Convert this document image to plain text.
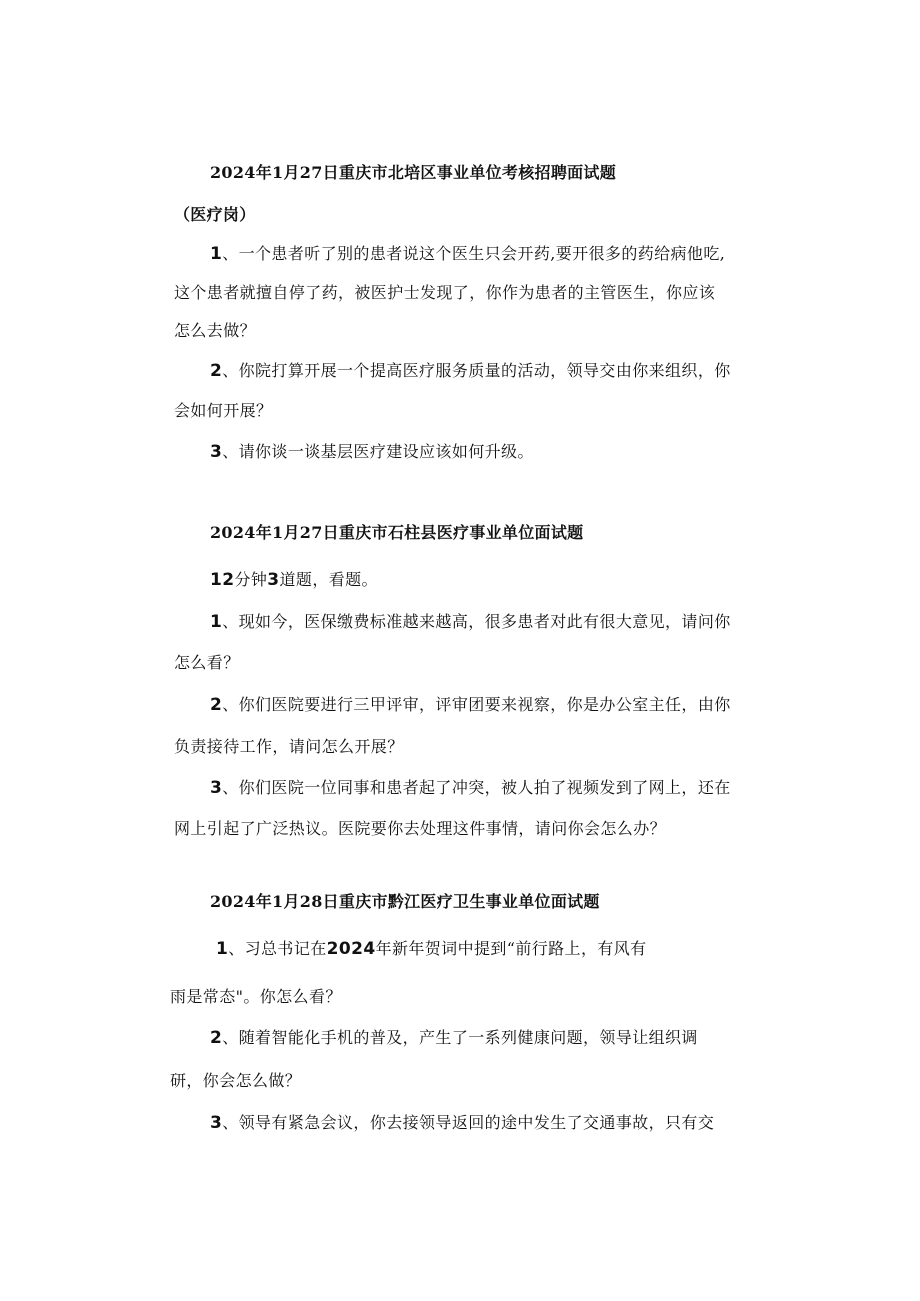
2024年1月27日重庆市北培区事业单位考核招聘面试题
（医疗岗）
1、一个患者听了别的患者说这个医生只会开药,要开很多的药给病他吃,
这个患者就擅自停了药，被医护士发现了，你作为患者的主管医生，你应该
怎么去做？
2、你院打算开展一个提高医疗服务质量的活动，领导交由你来组织，你
会如何开展？
3、请你谈一谈基层医疗建设应该如何升级。
2024年1月27日重庆市石柱县医疗事业单位面试题
12分钟3道题，看题。
1、现如今，医保缴费标准越来越高，很多患者对此有很大意见，请问你
怎么看？
2、你们医院要进行三甲评审，评审团要来视察，你是办公室主任，由你
负责接待工作，请问怎么开展？
3、你们医院一位同事和患者起了冲突，被人拍了视频发到了网上，还在
网上引起了广泛热议。医院要你去处理这件事情，请问你会怎么办？
2024年1月28日重庆市黔江医疗卫生事业单位面试题
1、习总书记在2024年新年贺词中提到“前行路上，有风有
雨是常态"。你怎么看？
2、随着智能化手机的普及，产生了一系列健康问题，领导让组织调
研，你会怎么做？
3、领导有紧急会议，你去接领导返回的途中发生了交通事故，只有交
